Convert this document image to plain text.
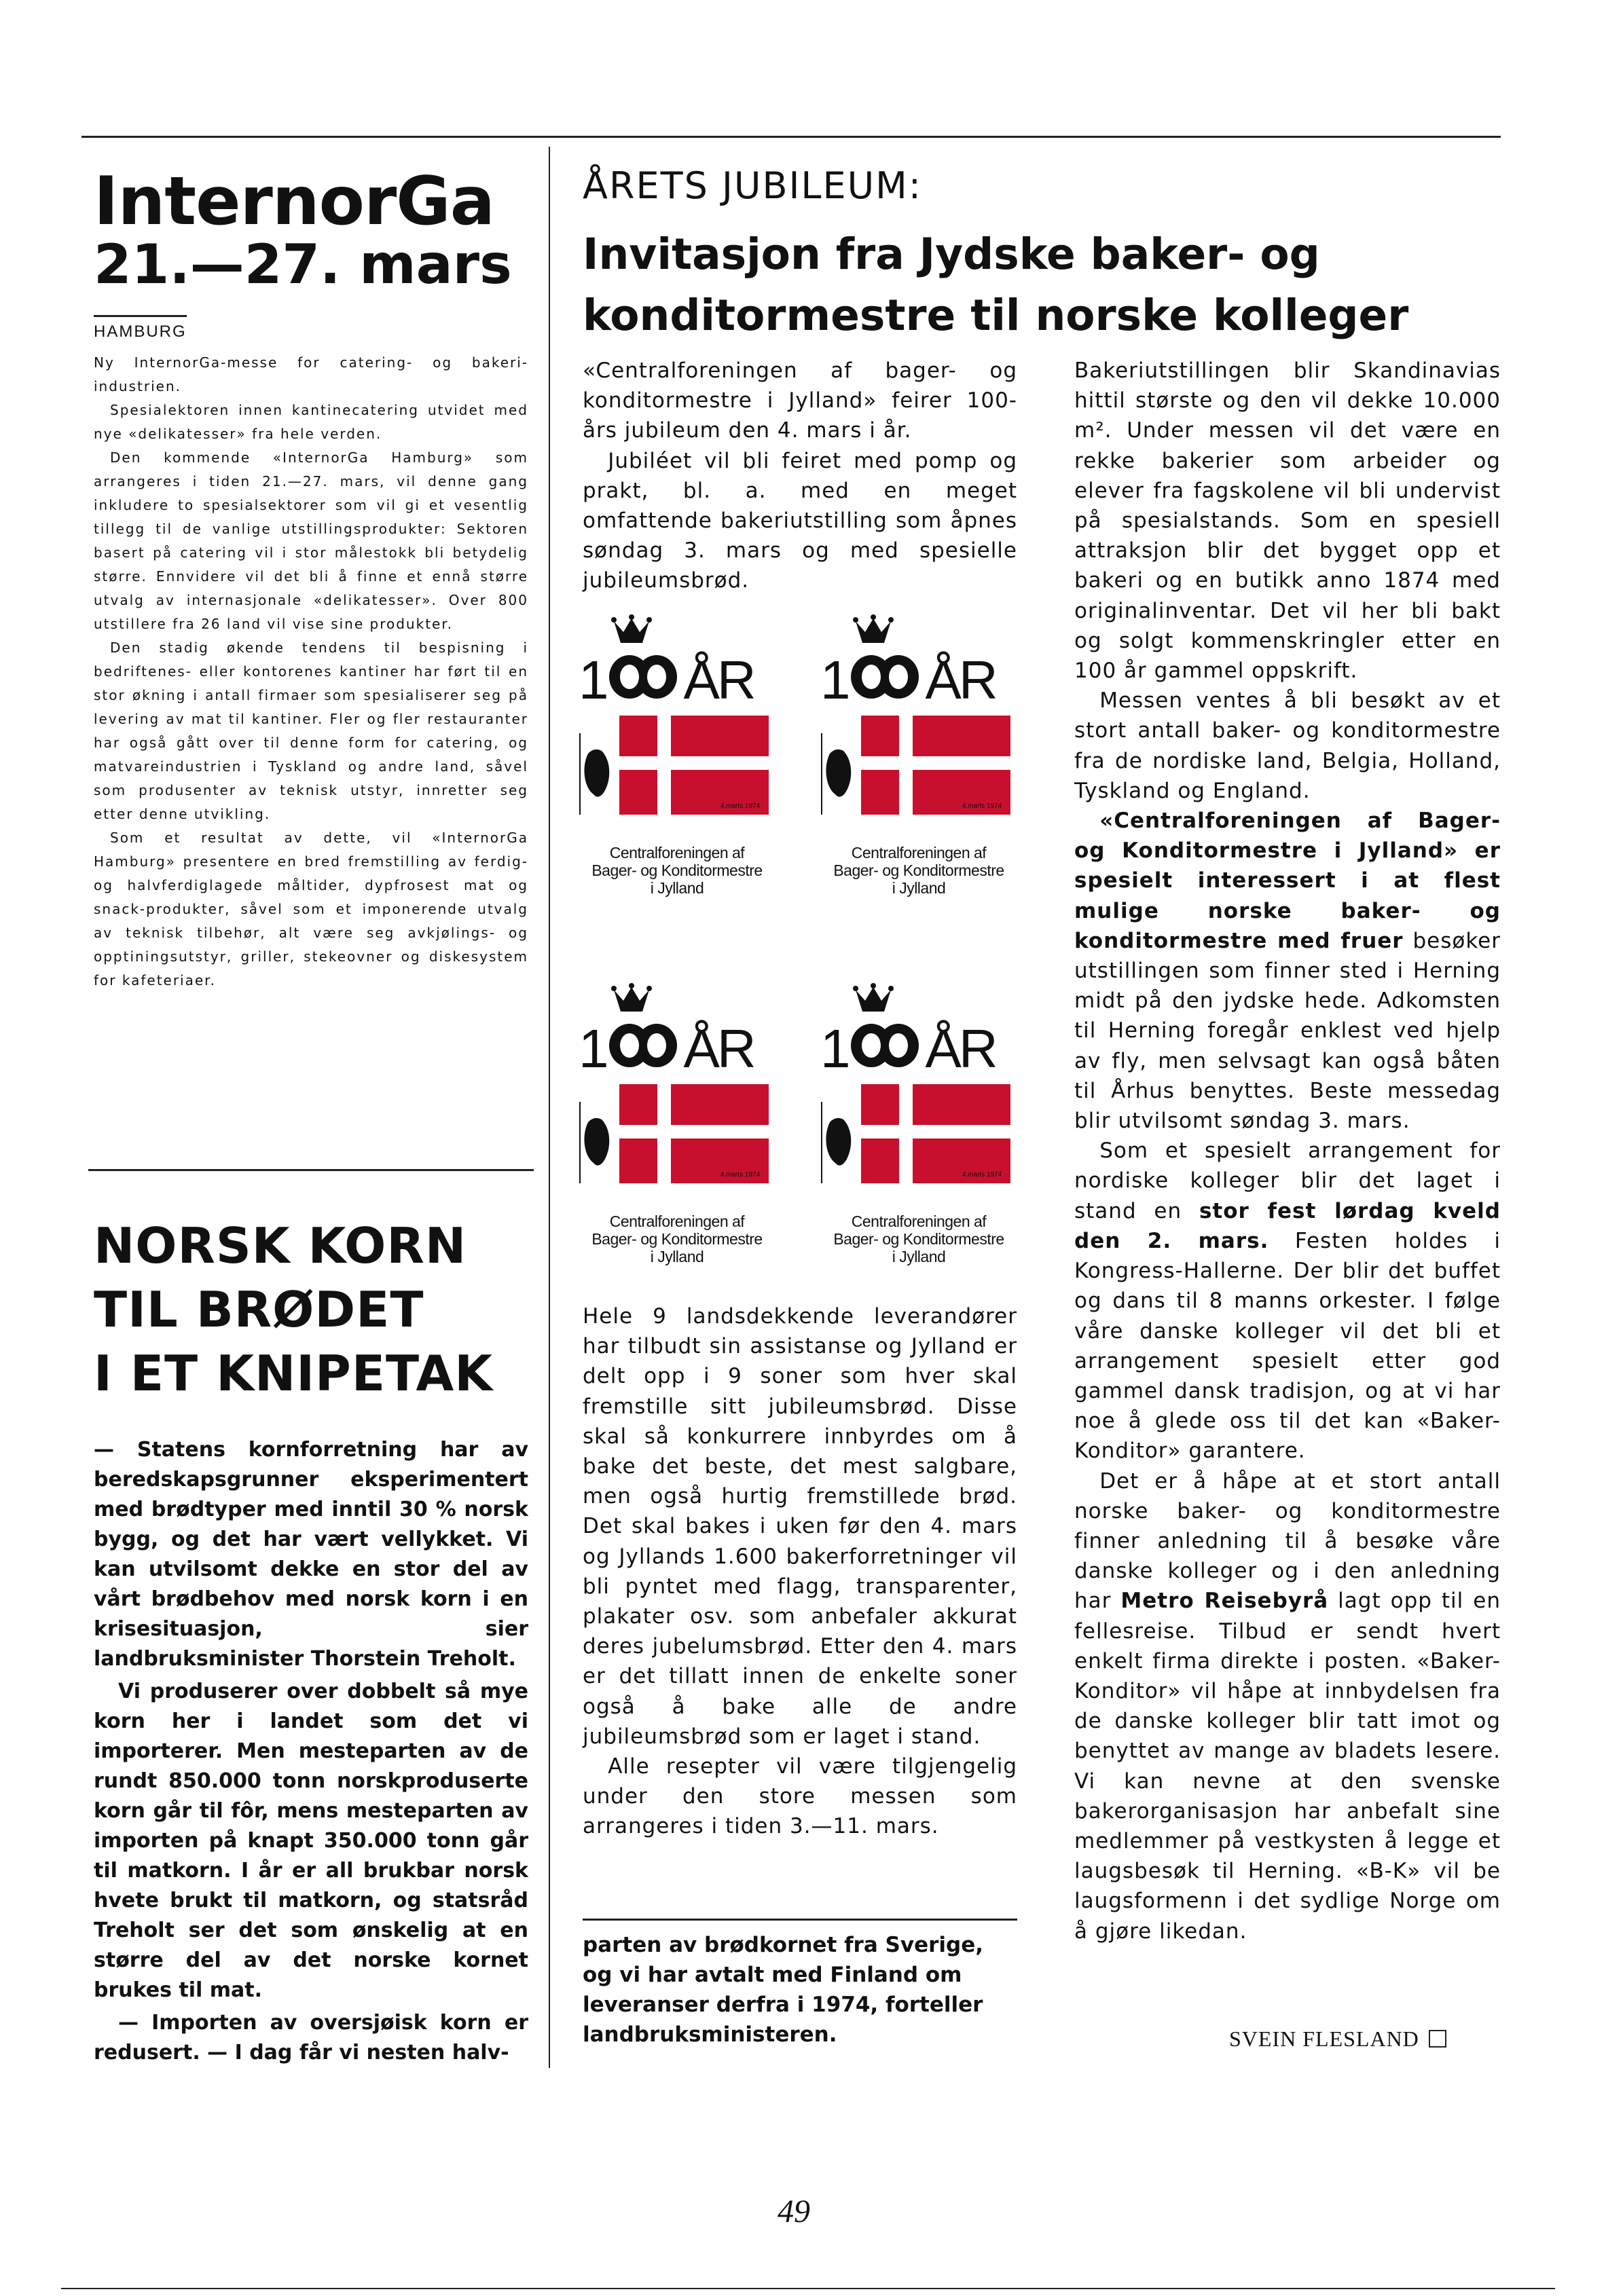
InternorGa
21.—27. mars
HAMBURG

Ny InternorGa-messe for catering- og bakeri-industrien.

Spesialektoren innen kantinecatering utvidet med nye «delikatesser» fra hele verden.

Den kommende «InternorGa Hamburg» som arrangeres i tiden 21.—27. mars, vil denne gang inkludere to spesialsektorer som vil gi et vesentlig tillegg til de vanlige utstillingsprodukter: Sektoren basert på catering vil i stor målestokk bli betydelig større. Ennvidere vil det bli å finne et ennå større utvalg av internasjonale «delikatesser». Over 800 utstillere fra 26 land vil vise sine produkter.

Den stadig økende tendens til bespisning i bedriftenes- eller kontorenes kantiner har ført til en stor økning i antall firmaer som spesialiserer seg på levering av mat til kantiner. Fler og fler restauranter har også gått over til denne form for catering, og matvareindustrien i Tyskland og andre land, såvel som produsenter av teknisk utstyr, innretter seg etter denne utvikling.

Som et resultat av dette, vil «InternorGa Hamburg» presentere en bred fremstilling av ferdig- og halvferdiglagede måltider, dypfrosest mat og snack-produkter, såvel som et imponerende utvalg av teknisk tilbehør, alt være seg avkjølings- og opptiningsutstyr, griller, stekeovner og diskesystem for kafeteriaer.

NORSK KORN
TIL BRØDET
I ET KNIPETAK

— Statens kornforretning har av beredskapsgrunner eksperimentert med brødtyper med inntil 30 % norsk bygg, og det har vært vellykket. Vi kan utvilsomt dekke en stor del av vårt brødbehov med norsk korn i en krisesituasjon, sier landbruksminister Thorstein Treholt.

Vi produserer over dobbelt så mye korn her i landet som det vi importerer. Men mesteparten av de rundt 850.000 tonn norskproduserte korn går til fôr, mens mesteparten av importen på knapt 350.000 tonn går til matkorn. I år er all brukbar norsk hvete brukt til matkorn, og statsråd Treholt ser det som ønskelig at en større del av det norske kornet brukes til mat.

— Importen av oversjøisk korn er redusert. — I dag får vi nesten halv-

ÅRETS JUBILEUM:
Invitasjon fra Jydske baker- og konditormestre til norske kolleger

«Centralforeningen af bager- og konditormestre i Jylland» feirer 100-års jubileum den 4. mars i år.

Jubiléet vil bli feiret med pomp og prakt, bl. a. med en meget omfattende bakeriutstilling som åpnes søndag 3. mars og med spesielle jubileumsbrød.

1 ÅR
4.marts 1974
Centralforeningen af
Bager- og Konditormestre
i Jylland
1 ÅR
4.marts 1974
Centralforeningen af
Bager- og Konditormestre
i Jylland
1 ÅR
4.marts 1974
Centralforeningen af
Bager- og Konditormestre
i Jylland
1 ÅR
4.marts 1974
Centralforeningen af
Bager- og Konditormestre
i Jylland

Hele 9 landsdekkende leverandører har tilbudt sin assistanse og Jylland er delt opp i 9 soner som hver skal fremstille sitt jubileumsbrød. Disse skal så konkurrere innbyrdes om å bake det beste, det mest salgbare, men også hurtig fremstillede brød. Det skal bakes i uken før den 4. mars og Jyllands 1.600 bakerforretninger vil bli pyntet med flagg, transparenter, plakater osv. som anbefaler akkurat deres jubelumsbrød. Etter den 4. mars er det tillatt innen de enkelte soner også å bake alle de andre jubileumsbrød som er laget i stand.

Alle resepter vil være tilgjengelig under den store messen som arrangeres i tiden 3.—11. mars.

parten av brødkornet fra Sverige, og vi har avtalt med Finland om leveranser derfra i 1974, forteller landbruksministeren.

Bakeriutstillingen blir Skandinavias hittil største og den vil dekke 10.000 m². Under messen vil det være en rekke bakerier som arbeider og elever fra fagskolene vil bli undervist på spesialstands. Som en spesiell attraksjon blir det bygget opp et bakeri og en butikk anno 1874 med originalinventar. Det vil her bli bakt og solgt kommenskringler etter en 100 år gammel oppskrift.

Messen ventes å bli besøkt av et stort antall baker- og konditormestre fra de nordiske land, Belgia, Holland, Tyskland og England.

«Centralforeningen af Bager- og Konditormestre i Jylland» er spesielt interessert i at flest mulige norske baker- og konditormestre med fruer besøker utstillingen som finner sted i Herning midt på den jydske hede. Adkomsten til Herning foregår enklest ved hjelp av fly, men selvsagt kan også båten til Århus benyttes. Beste messedag blir utvilsomt søndag 3. mars.

Som et spesielt arrangement for nordiske kolleger blir det laget i stand en stor fest lørdag kveld den 2. mars. Festen holdes i Kongress-Hallerne. Der blir det buffet og dans til 8 manns orkester. I følge våre danske kolleger vil det bli et arrangement spesielt etter god gammel dansk tradisjon, og at vi har noe å glede oss til det kan «Baker-Konditor» garantere.

Det er å håpe at et stort antall norske baker- og konditormestre finner anledning til å besøke våre danske kolleger og i den anledning har Metro Reisebyrå lagt opp til en fellesreise. Tilbud er sendt hvert enkelt firma direkte i posten. «Baker-Konditor» vil håpe at innbydelsen fra de danske kolleger blir tatt imot og benyttet av mange av bladets lesere. Vi kan nevne at den svenske bakerorganisasjon har anbefalt sine medlemmer på vestkysten å legge et laugsbesøk til Herning. «B-K» vil be laugsformenn i det sydlige Norge om å gjøre likedan.

SVEIN FLESLAND
49
